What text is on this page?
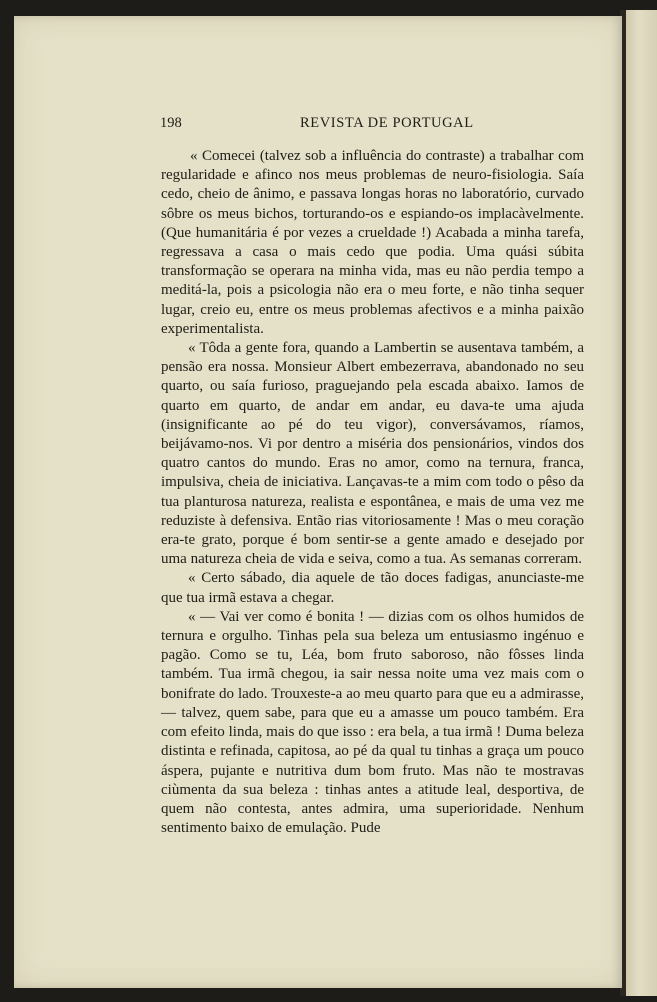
198	REVISTA DE PORTUGAL

« Comecei (talvez sob a influência do contraste) a trabalhar com regularidade e afinco nos meus problemas de neuro-fisiologia. Saía cedo, cheio de ânimo, e passava longas horas no laboratório, curvado sôbre os meus bichos, torturando-os e espiando-os implacàvelmente. (Que humanitária é por vezes a crueldade !) Acabada a minha tarefa, regressava a casa o mais cedo que podia. Uma quási súbita transformação se operara na minha vida, mas eu não perdia tempo a meditá-la, pois a psicologia não era o meu forte, e não tinha sequer lugar, creio eu, entre os meus problemas afectivos e a minha paixão experimentalista.

« Tôda a gente fora, quando a Lambertin se ausentava também, a pensão era nossa. Monsieur Albert embezerrava, abandonado no seu quarto, ou saía furioso, praguejando pela escada abaixo. Iamos de quarto em quarto, de andar em andar, eu dava-te uma ajuda (insignificante ao pé do teu vigor), conversávamos, ríamos, beijávamo-nos. Vi por dentro a miséria dos pensionários, vindos dos quatro cantos do mundo. Eras no amor, como na ternura, franca, impulsiva, cheia de iniciativa. Lançavas-te a mim com todo o pêso da tua planturosa natureza, realista e espontânea, e mais de uma vez me reduziste à defensiva. Então rias vitoriosamente ! Mas o meu coração era-te grato, porque é bom sentir-se a gente amado e desejado por uma natureza cheia de vida e seiva, como a tua. As semanas correram.

« Certo sábado, dia aquele de tão doces fadigas, anunciaste-me que tua irmã estava a chegar.

« — Vai ver como é bonita ! — dizias com os olhos humidos de ternura e orgulho. Tinhas pela sua beleza um entusiasmo ingénuo e pagão. Como se tu, Léa, bom fruto saboroso, não fôsses linda também. Tua irmã chegou, ia sair nessa noite uma vez mais com o bonifrate do lado. Trouxeste-a ao meu quarto para que eu a admirasse, — talvez, quem sabe, para que eu a amasse um pouco também. Era com efeito linda, mais do que isso : era bela, a tua irmã ! Duma beleza distinta e refinada, capitosa, ao pé da qual tu tinhas a graça um pouco áspera, pujante e nutritiva dum bom fruto. Mas não te mostravas ciùmenta da sua beleza : tinhas antes a atitude leal, desportiva, de quem não contesta, antes admira, uma superioridade. Nenhum sentimento baixo de emulação. Pude
